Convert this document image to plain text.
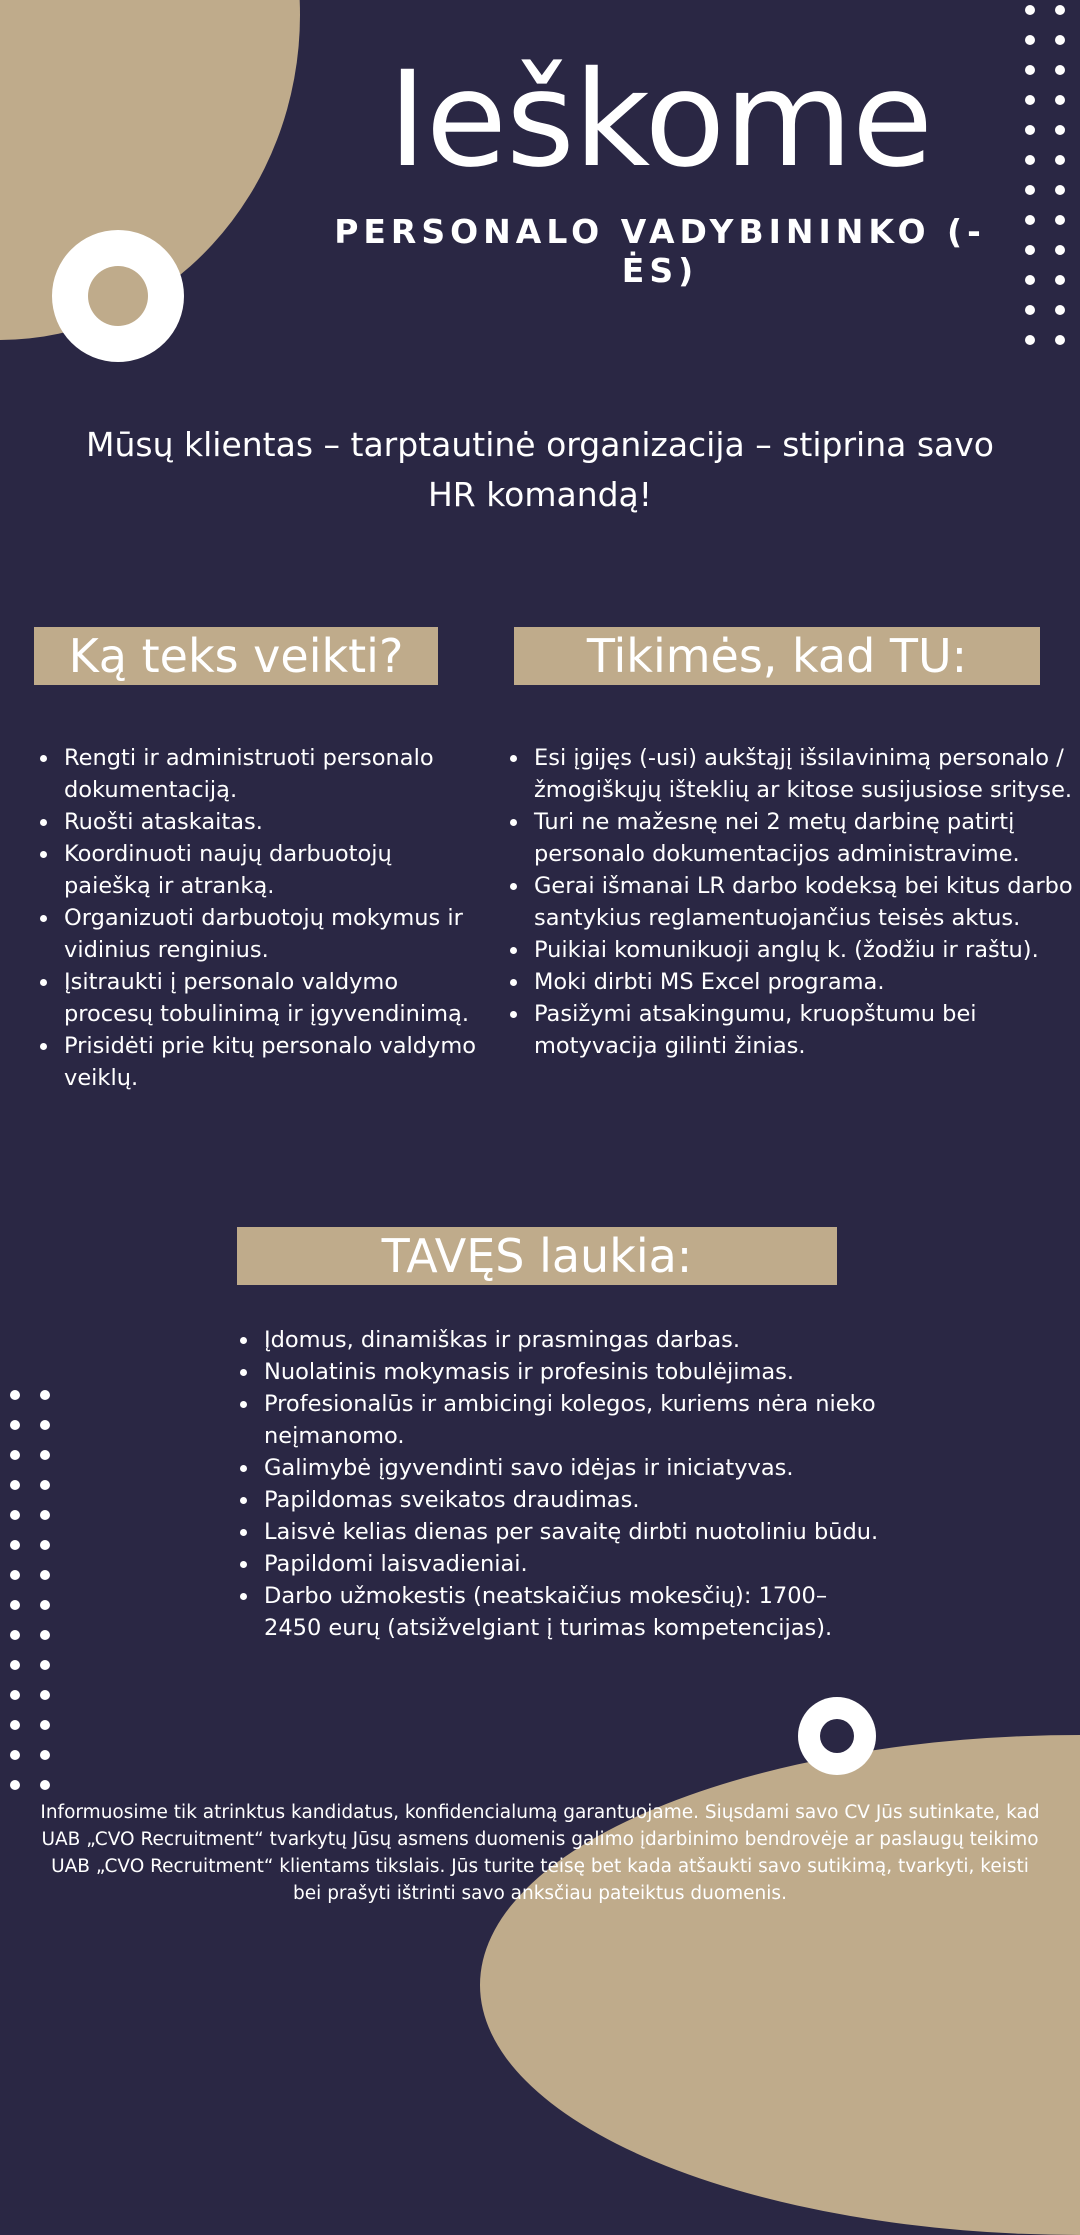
Ieškome
PERSONALO VADYBININKO (-ĖS)

Mūsų klientas – tarptautinė organizacija – stiprina savo HR komandą!

Ką teks veikti?
• Rengti ir administruoti personalo dokumentaciją.
• Ruošti ataskaitas.
• Koordinuoti naujų darbuotojų paiešką ir atranką.
• Organizuoti darbuotojų mokymus ir vidinius renginius.
• Įsitraukti į personalo valdymo procesų tobulinimą ir įgyvendinimą.
• Prisidėti prie kitų personalo valdymo veiklų.
Tikimės, kad TU:
• Esi įgijęs (-usi) aukštąjį išsilavinimą personalo / žmogiškųjų išteklių ar kitose susijusiose srityse.
• Turi ne mažesnę nei 2 metų darbinę patirtį personalo dokumentacijos administravime.
• Gerai išmanai LR darbo kodeksą bei kitus darbo santykius reglamentuojančius teisės aktus.
• Puikiai komunikuoji anglų k. (žodžiu ir raštu).
• Moki dirbti MS Excel programa.
• Pasižymi atsakingumu, kruopštumu bei motyvacija gilinti žinias.
TAVĘS laukia:
• Įdomus, dinamiškas ir prasmingas darbas.
• Nuolatinis mokymasis ir profesinis tobulėjimas.
• Profesionalūs ir ambicingi kolegos, kuriems nėra nieko neįmanomo.
• Galimybė įgyvendinti savo idėjas ir iniciatyvas.
• Papildomas sveikatos draudimas.
• Laisvė kelias dienas per savaitę dirbti nuotoliniu būdu.
• Papildomi laisvadieniai.
• Darbo užmokestis (neatskaičius mokesčių): 1700–2450 eurų (atsižvelgiant į turimas kompetencijas).

Informuosime tik atrinktus kandidatus, konfidencialumą garantuojame. Siųsdami savo CV Jūs sutinkate, kad UAB „CVO Recruitment“ tvarkytų Jūsų asmens duomenis galimo įdarbinimo bendrovėje ar paslaugų teikimo UAB „CVO Recruitment“ klientams tikslais. Jūs turite teisę bet kada atšaukti savo sutikimą, tvarkyti, keisti bei prašyti ištrinti savo anksčiau pateiktus duomenis.
